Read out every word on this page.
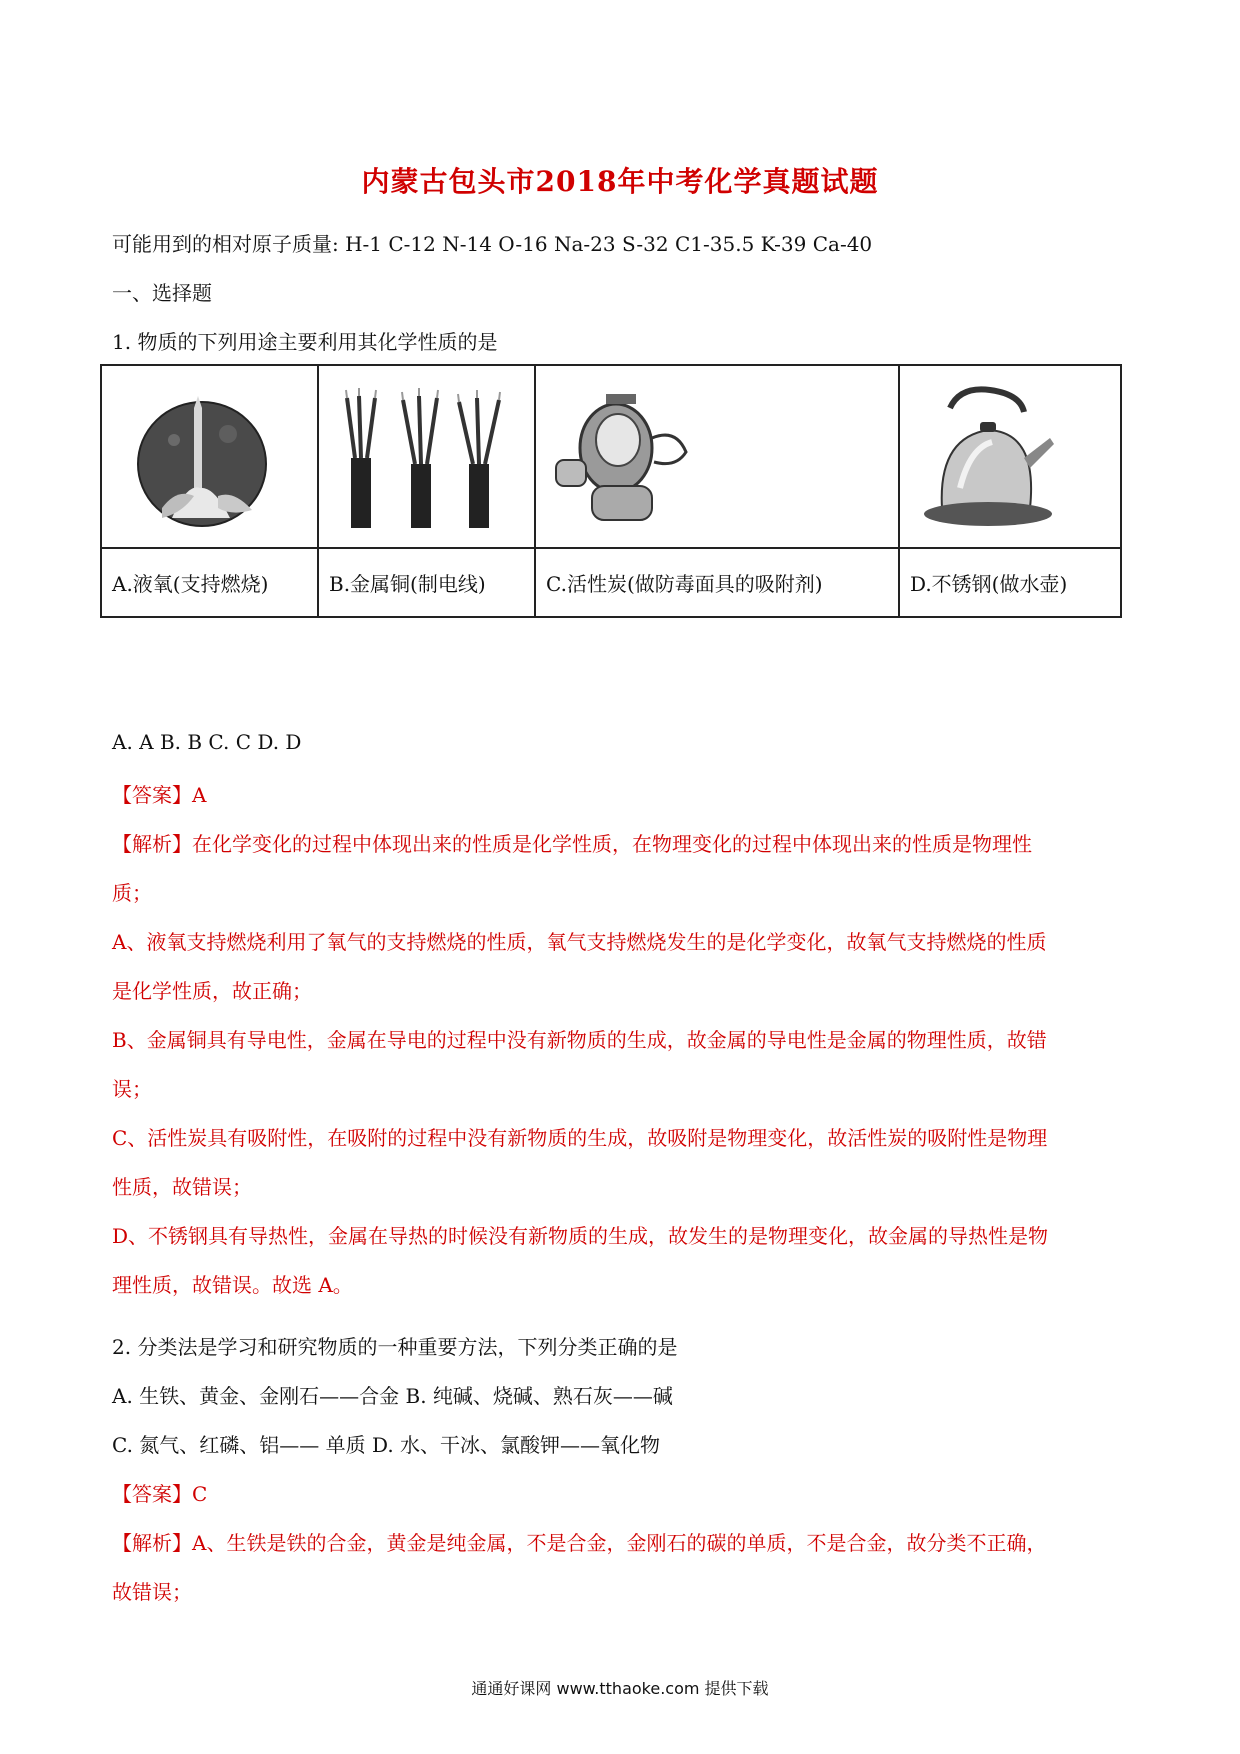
内蒙古包头市2018年中考化学真题试题
可能用到的相对原子质量: H-1 C-12 N-14 O-16 Na-23 S-32 C1-35.5 K-39 Ca-40
一、选择题
1. 物质的下列用途主要利用其化学性质的是

A.液氧(支持燃烧)	B.金属铜(制电线)	C.活性炭(做防毒面具的吸附剂)	D.不锈钢(做水壶)
A. A B. B C. C D. D
【答案】A
【解析】在化学变化的过程中体现出来的性质是化学性质，在物理变化的过程中体现出来的性质是物理性
质；
A、液氧支持燃烧利用了氧气的支持燃烧的性质，氧气支持燃烧发生的是化学变化，故氧气支持燃烧的性质
是化学性质，故正确；
B、金属铜具有导电性，金属在导电的过程中没有新物质的生成，故金属的导电性是金属的物理性质，故错
误；
C、活性炭具有吸附性，在吸附的过程中没有新物质的生成，故吸附是物理变化，故活性炭的吸附性是物理
性质，故错误；
D、不锈钢具有导热性，金属在导热的时候没有新物质的生成，故发生的是物理变化，故金属的导热性是物
理性质，故错误。故选 A。
2. 分类法是学习和研究物质的一种重要方法，下列分类正确的是
A. 生铁、黄金、金刚石——合金 B. 纯碱、烧碱、熟石灰——碱
C. 氮气、红磷、铝—— 单质 D. 水、干冰、氯酸钾——氧化物
【答案】C
【解析】A、生铁是铁的合金，黄金是纯金属，不是合金，金刚石的碳的单质，不是合金，故分类不正确，
故错误；
通通好课网 www.tthaoke.com 提供下载
